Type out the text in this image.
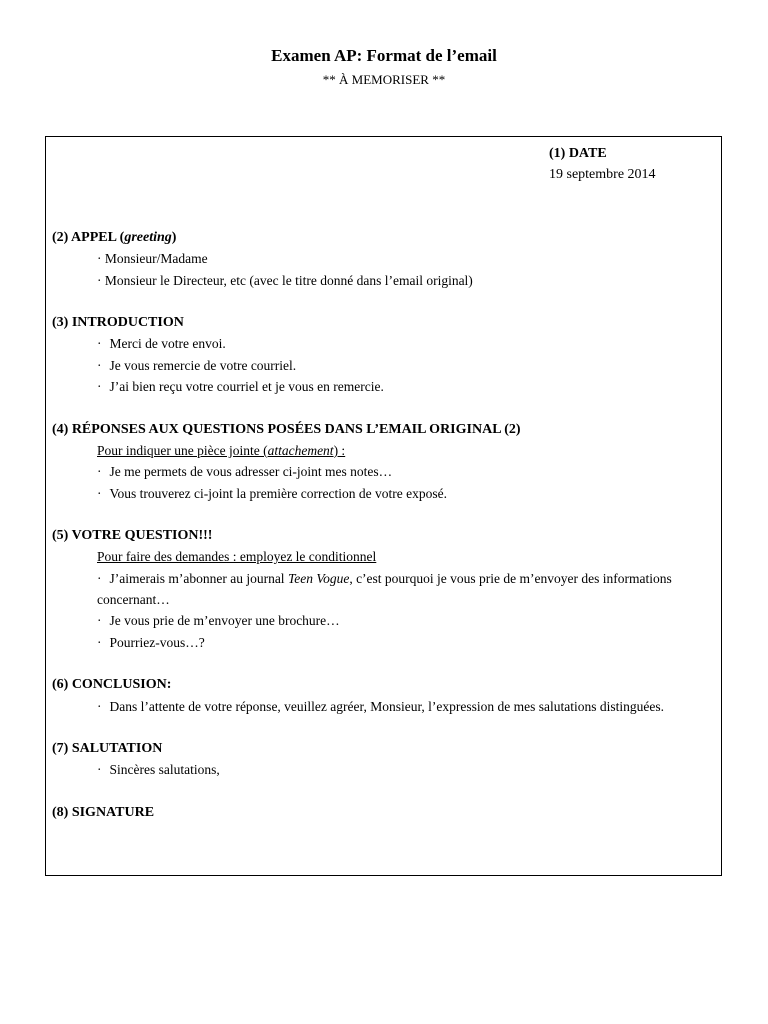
Examen AP: Format de l’email
** À MEMORISER **
(1) DATE
19 septembre 2014
(2) APPEL (greeting)
· Monsieur/Madame
· Monsieur le Directeur, etc (avec le titre donné dans l’email original)
(3) INTRODUCTION
· Merci de votre envoi.
· Je vous remercie de votre courriel.
· J’ai bien reçu votre courriel et je vous en remercie.
(4) RÉPONSES AUX QUESTIONS POSÉES DANS L’EMAIL ORIGINAL (2)
Pour indiquer une pièce jointe (attachement) :
· Je me permets de vous adresser ci-joint mes notes…
· Vous trouverez ci-joint la première correction de votre exposé.
(5) VOTRE QUESTION!!!
Pour faire des demandes : employez le conditionnel
· J’aimerais m’abonner au journal Teen Vogue, c’est pourquoi je vous prie de m’envoyer des informations concernant…
· Je vous prie de m’envoyer une brochure…
· Pourriez-vous…?
(6) CONCLUSION:
· Dans l’attente de votre réponse, veuillez agréer, Monsieur, l’expression de mes salutations distinguées.
(7) SALUTATION
· Sincères salutations,
(8) SIGNATURE
